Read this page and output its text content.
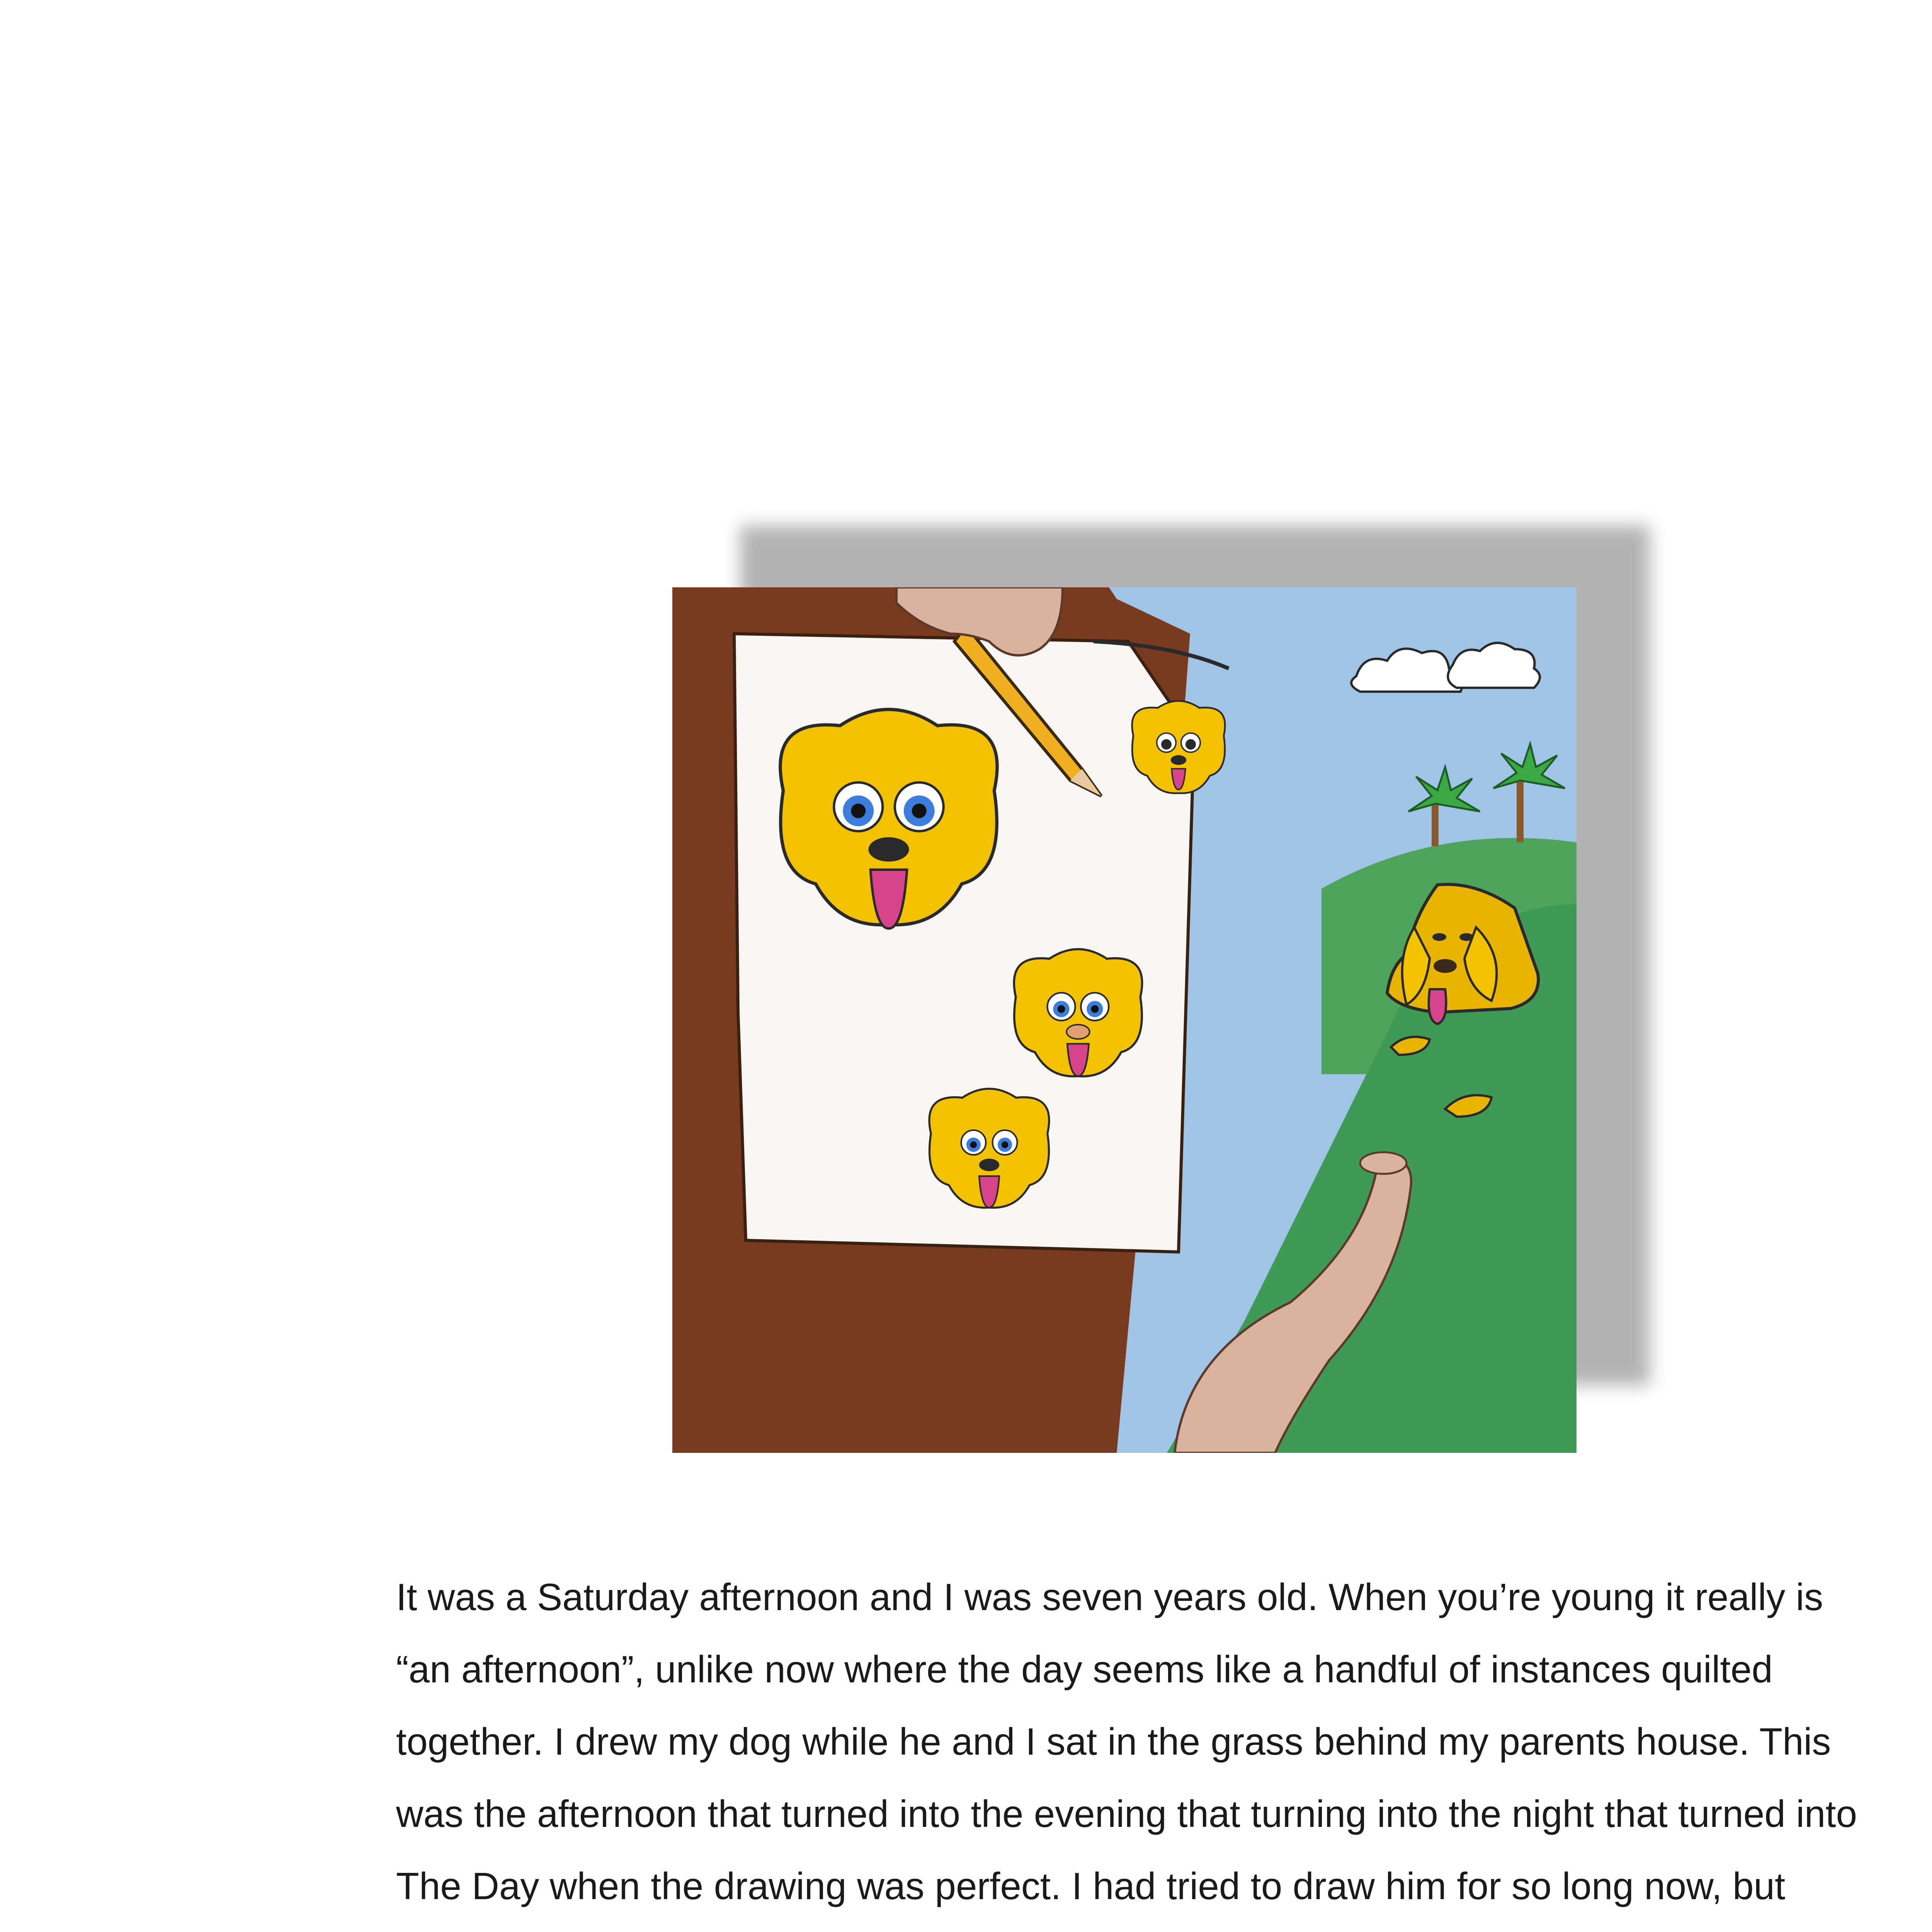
It was a Saturday afternoon and I was seven years old. When you’re young it really is
“an afternoon”, unlike now where the day seems like a handful of instances quilted
together. I drew my dog while he and I sat in the grass behind my parents house. This
was the afternoon that turned into the evening that turning into the night that turned into
The Day when the drawing was perfect. I had tried to draw him for so long now, but
